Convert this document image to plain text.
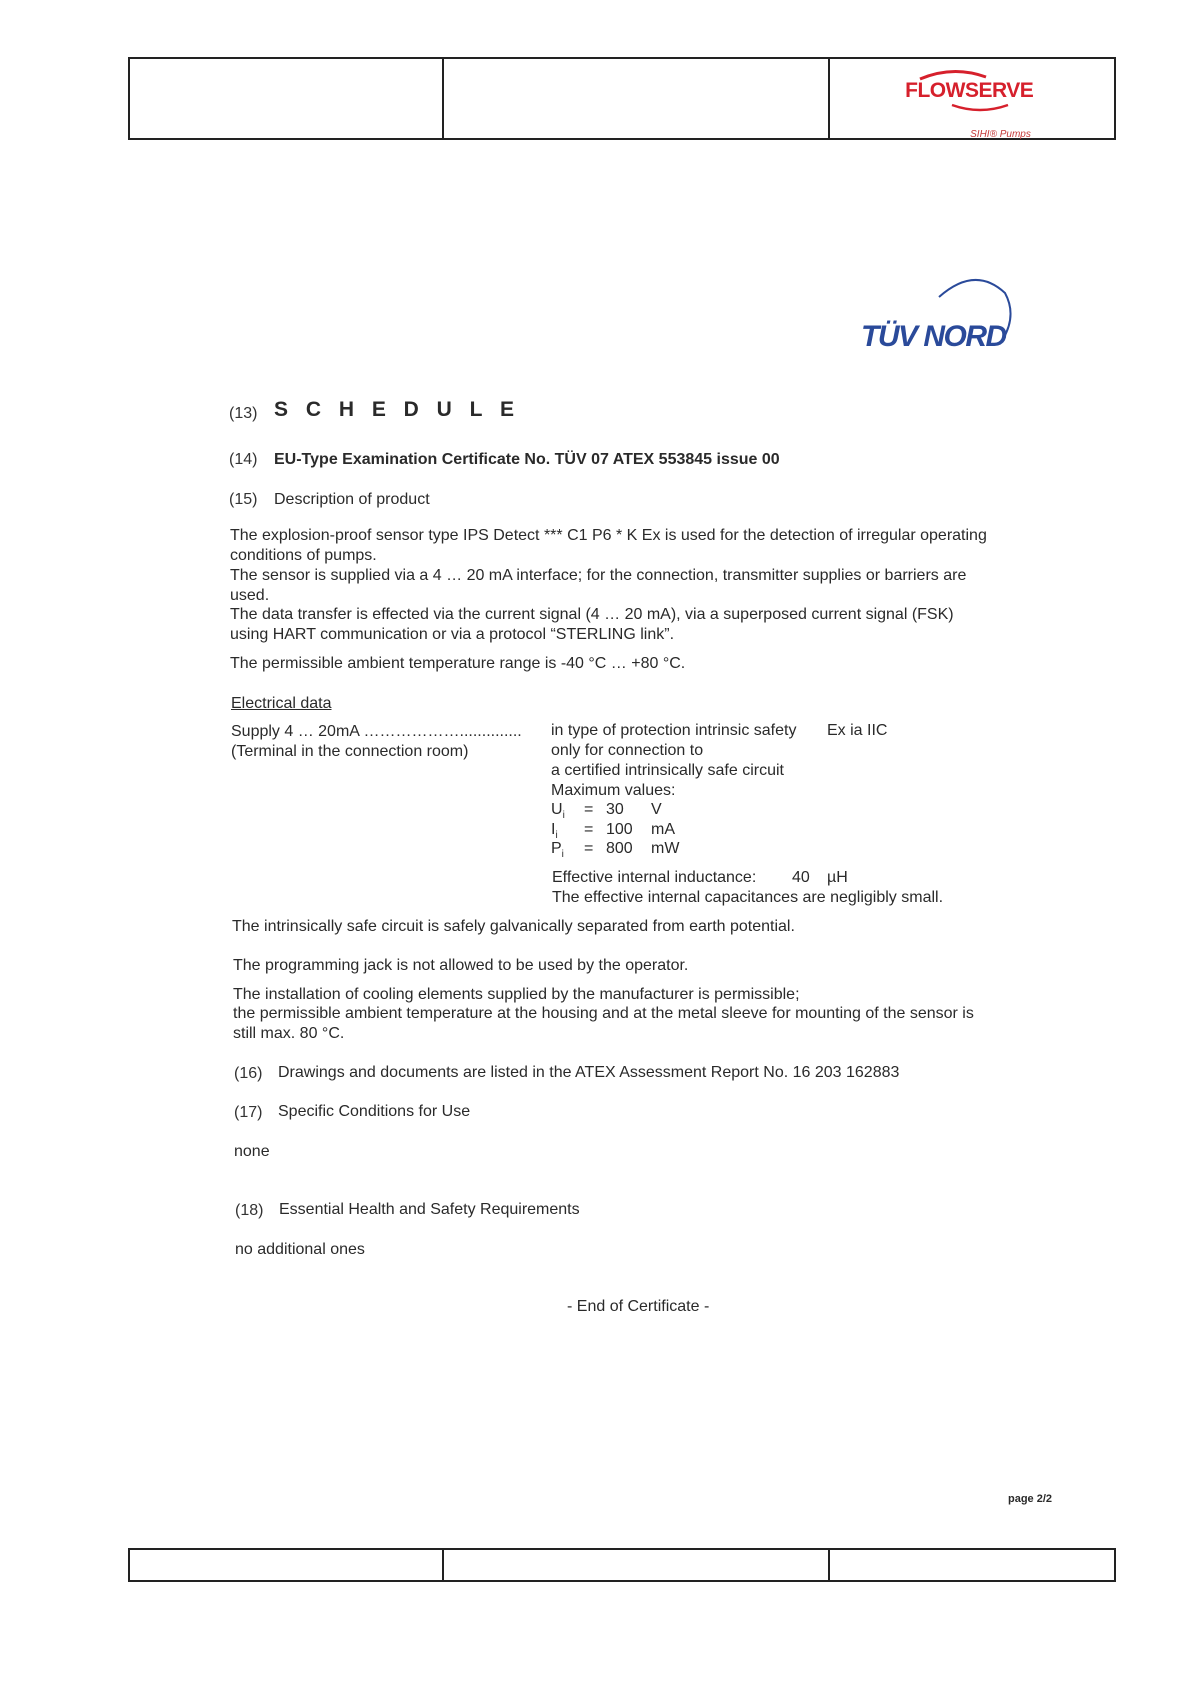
FLOWSERVE
SIHI® Pumps
TÜV NORD
(13) S C H E D U L E
(14) EU-Type Examination Certificate No. TÜV 07 ATEX 553845 issue 00
(15) Description of product
The explosion-proof sensor type IPS Detect *** C1 P6 * K Ex is used for the detection of irregular operating
conditions of pumps.
The sensor is supplied via a 4 … 20 mA interface; for the connection, transmitter supplies or barriers are
used.
The data transfer is effected via the current signal (4 … 20 mA), via a superposed current signal (FSK)
using HART communication or via a protocol “STERLING link”.
The permissible ambient temperature range is -40 °C … +80 °C.
Electrical data
Supply 4 … 20mA ………………..............
(Terminal in the connection room)
in type of protection intrinsic safety Ex ia IIC
only for connection to
a certified intrinsically safe circuit
Maximum values:
$U_i = 30$ V
$I_i = 100$ mA
$P_i = 800$ mW
Effective internal inductance: 40 µH
The effective internal capacitances are negligibly small.
The intrinsically safe circuit is safely galvanically separated from earth potential.
The programming jack is not allowed to be used by the operator.
The installation of cooling elements supplied by the manufacturer is permissible;
the permissible ambient temperature at the housing and at the metal sleeve for mounting of the sensor is
still max. 80 °C.
(16) Drawings and documents are listed in the ATEX Assessment Report No. 16 203 162883
(17) Specific Conditions for Use
none
(18) Essential Health and Safety Requirements
no additional ones
- End of Certificate -
page 2/2
